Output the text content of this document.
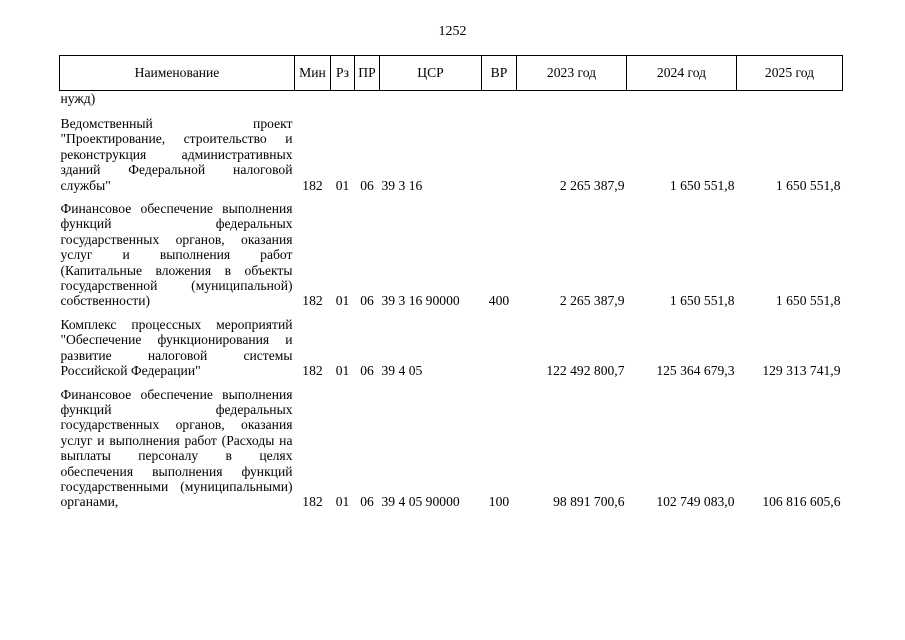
1252
Наименование	Мин	Рз	ПР	ЦСР	ВР	2023 год	2024 год	2025 год
нужд)								

Ведомственный проект "Проектирование, строительство и реконструкция административных зданий Федеральной налоговой службы"	182	01	06	39 3 16		2 265 387,9	1 650 551,8	1 650 551,8

Финансовое обеспечение выполнения функций федеральных государственных органов, оказания услуг и выполнения работ (Капитальные вложения в объекты государственной (муниципальной) собственности)	182	01	06	39 3 16 90000	400	2 265 387,9	1 650 551,8	1 650 551,8

Комплекс процессных мероприятий "Обеспечение функционирования и развитие налоговой системы Российской Федерации"	182	01	06	39 4 05		122 492 800,7	125 364 679,3	129 313 741,9

Финансовое обеспечение выполнения функций федеральных государственных органов, оказания услуг и выполнения работ (Расходы на выплаты персоналу в целях обеспечения выполнения функций государственными (муниципальными) органами,	182	01	06	39 4 05 90000	100	98 891 700,6	102 749 083,0	106 816 605,6
